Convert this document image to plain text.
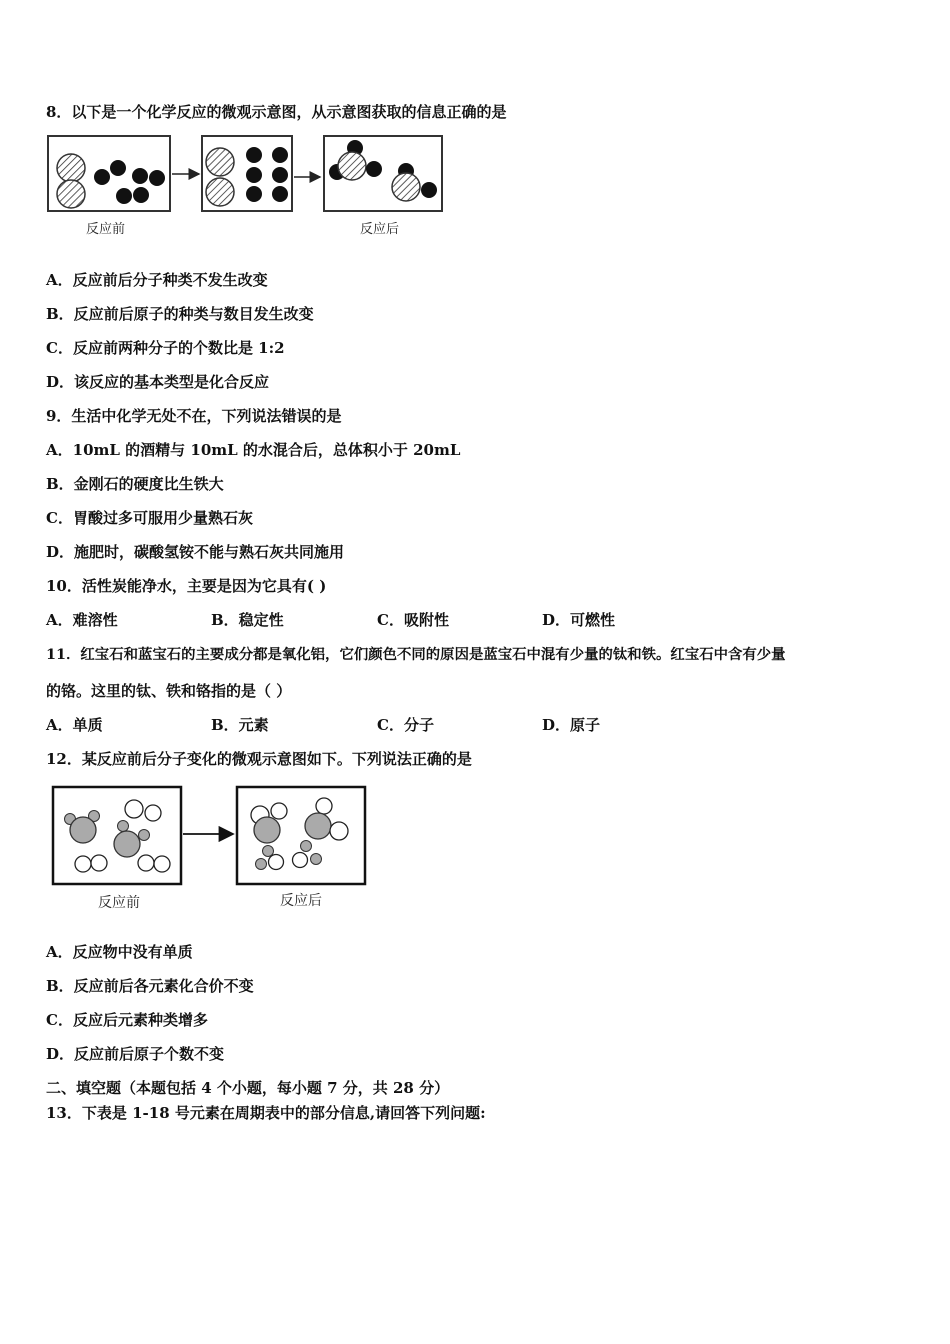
8．以下是一个化学反应的微观示意图，从示意图获取的信息正确的是
反应前	反应后
A．反应前后分子种类不发生改变
B．反应前后原子的种类与数目发生改变
C．反应前两种分子的个数比是 1:2
D．该反应的基本类型是化合反应
9．生活中化学无处不在，下列说法错误的是
A．10mL 的酒精与 10mL 的水混合后，总体积小于 20mL
B．金刚石的硬度比生铁大
C．胃酸过多可服用少量熟石灰
D．施肥时，碳酸氢铵不能与熟石灰共同施用
10．活性炭能净水，主要是因为它具有( )
A．难溶性	B．稳定性	C．吸附性	D．可燃性
11．红宝石和蓝宝石的主要成分都是氧化铝，它们颜色不同的原因是蓝宝石中混有少量的钛和铁。红宝石中含有少量
的铬。这里的钛、铁和铬指的是（ ）
A．单质	B．元素	C．分子	D．原子
12．某反应前后分子变化的微观示意图如下。下列说法正确的是
反应前	反应后
A．反应物中没有单质
B．反应前后各元素化合价不变
C．反应后元素种类增多
D．反应前后原子个数不变
二、填空题（本题包括 4 个小题，每小题 7 分，共 28 分）
13．下表是 1-18 号元素在周期表中的部分信息,请回答下列问题:
